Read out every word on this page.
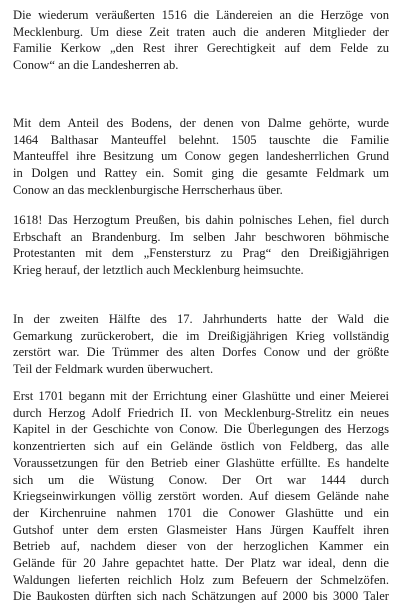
Die wiederum veräußerten 1516 die Ländereien an die Herzöge von
Mecklenburg. Um diese Zeit traten auch die anderen Mitglieder der
Familie Kerkow „den Rest ihrer Gerechtigkeit auf dem Felde zu
Conow“ an die Landesherren ab.

Mit dem Anteil des Bodens, der denen von Dalme gehörte, wurde
1464 Balthasar Manteuffel belehnt. 1505 tauschte die Familie
Manteuffel ihre Besitzung um Conow gegen landesherrlichen Grund
in Dolgen und Rattey ein. Somit ging die gesamte Feldmark um
Conow an das mecklenburgische Herrscherhaus über.

1618! Das Herzogtum Preußen, bis dahin polnisches Lehen, fiel durch
Erbschaft an Brandenburg. Im selben Jahr beschworen böhmische
Protestanten mit dem „Fenstersturz zu Prag“ den Dreißigjährigen
Krieg herauf, der letztlich auch Mecklenburg heimsuchte.

In der zweiten Hälfte des 17. Jahrhunderts hatte der Wald die
Gemarkung zurückerobert, die im Dreißigjährigen Krieg vollständig
zerstört war. Die Trümmer des alten Dorfes Conow und der größte
Teil der Feldmark wurden überwuchert.

Erst 1701 begann mit der Errichtung einer Glashütte und einer Meierei
durch Herzog Adolf Friedrich II. von Mecklenburg-Strelitz ein neues
Kapitel in der Geschichte von Conow. Die Überlegungen des Herzogs
konzentrierten sich auf ein Gelände östlich von Feldberg, das alle
Voraussetzungen für den Betrieb einer Glashütte erfüllte. Es handelte
sich um die Wüstung Conow. Der Ort war 1444 durch
Kriegseinwirkungen völlig zerstört worden. Auf diesem Gelände nahe
der Kirchenruine nahmen 1701 die Conower Glashütte und ein
Gutshof unter dem ersten Glasmeister Hans Jürgen Kauffelt ihren
Betrieb auf, nachdem dieser von der herzoglichen Kammer ein
Gelände für 20 Jahre gepachtet hatte. Der Platz war ideal, denn die
Waldungen lieferten reichlich Holz zum Befeuern der Schmelzöfen.
Die Baukosten dürften sich nach Schätzungen auf 2000 bis 3000 Taler
